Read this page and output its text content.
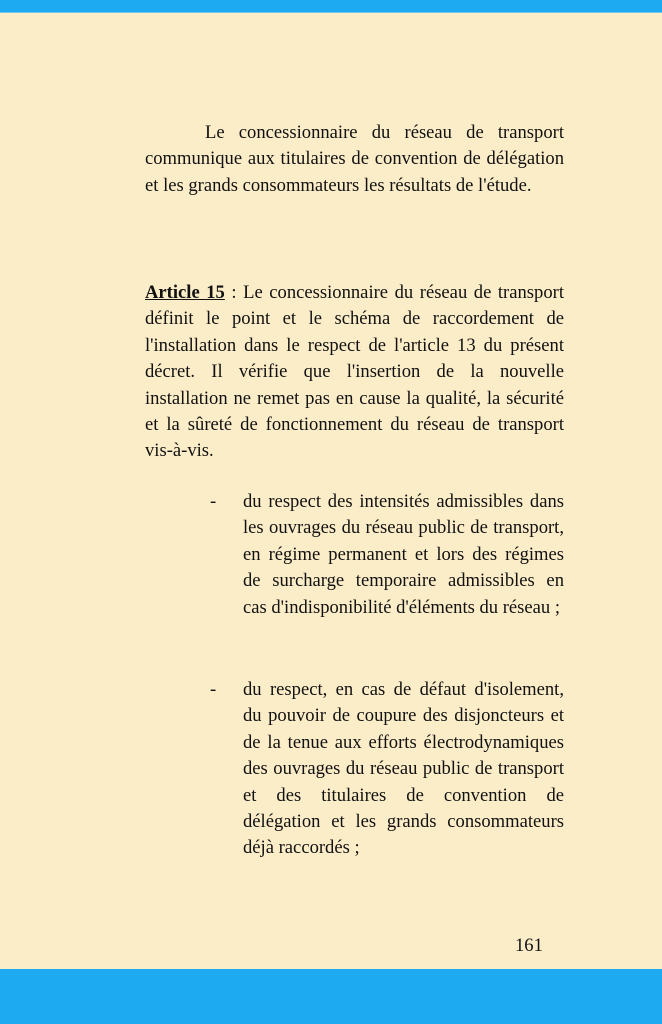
Le concessionnaire du réseau de transport communique aux titulaires de convention de délégation et les grands consommateurs les résultats de l'étude.

Article 15 : Le concessionnaire du réseau de transport définit le point et le schéma de raccordement de l'installation dans le respect de l'article 13 du présent décret. Il vérifie que l'insertion de la nouvelle installation ne remet pas en cause la qualité, la sécurité et la sûreté de fonctionnement du réseau de transport vis-à-vis.

-	du respect des intensités admissibles dans les ouvrages du réseau public de transport, en régime permanent et lors des régimes de surcharge temporaire admissibles en cas d'indisponibilité d'éléments du réseau ;
-	du respect, en cas de défaut d'isolement, du pouvoir de coupure des disjoncteurs et de la tenue aux efforts électrodynamiques des ouvrages du réseau public de transport et des titulaires de convention de délégation et les grands consommateurs déjà raccordés ;
161
